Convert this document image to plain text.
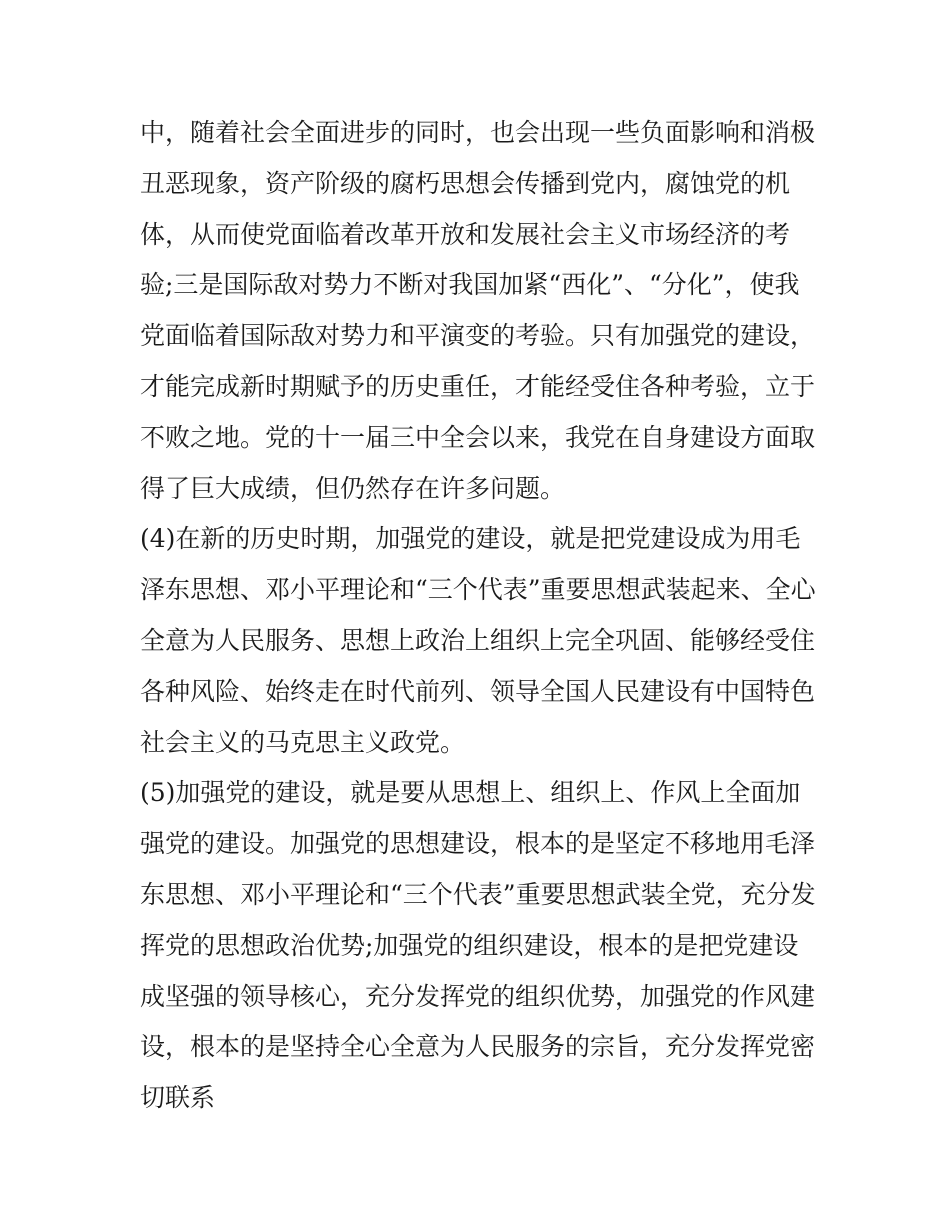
中，随着社会全面进步的同时，也会出现一些负面影响和消极
丑恶现象，资产阶级的腐朽思想会传播到党内，腐蚀党的机
体，从而使党面临着改革开放和发展社会主义市场经济的考
验;三是国际敌对势力不断对我国加紧“西化”、“分化”，使我
党面临着国际敌对势力和平演变的考验。只有加强党的建设，
才能完成新时期赋予的历史重任，才能经受住各种考验，立于
不败之地。党的十一届三中全会以来，我党在自身建设方面取
得了巨大成绩，但仍然存在许多问题。
(4)在新的历史时期，加强党的建设，就是把党建设成为用毛
泽东思想、邓小平理论和“三个代表”重要思想武装起来、全心
全意为人民服务、思想上政治上组织上完全巩固、能够经受住
各种风险、始终走在时代前列、领导全国人民建设有中国特色
社会主义的马克思主义政党。
(5)加强党的建设，就是要从思想上、组织上、作风上全面加
强党的建设。加强党的思想建设，根本的是坚定不移地用毛泽
东思想、邓小平理论和“三个代表”重要思想武装全党，充分发
挥党的思想政治优势;加强党的组织建设，根本的是把党建设
成坚强的领导核心，充分发挥党的组织优势，加强党的作风建
设，根本的是坚持全心全意为人民服务的宗旨，充分发挥党密
切联系
